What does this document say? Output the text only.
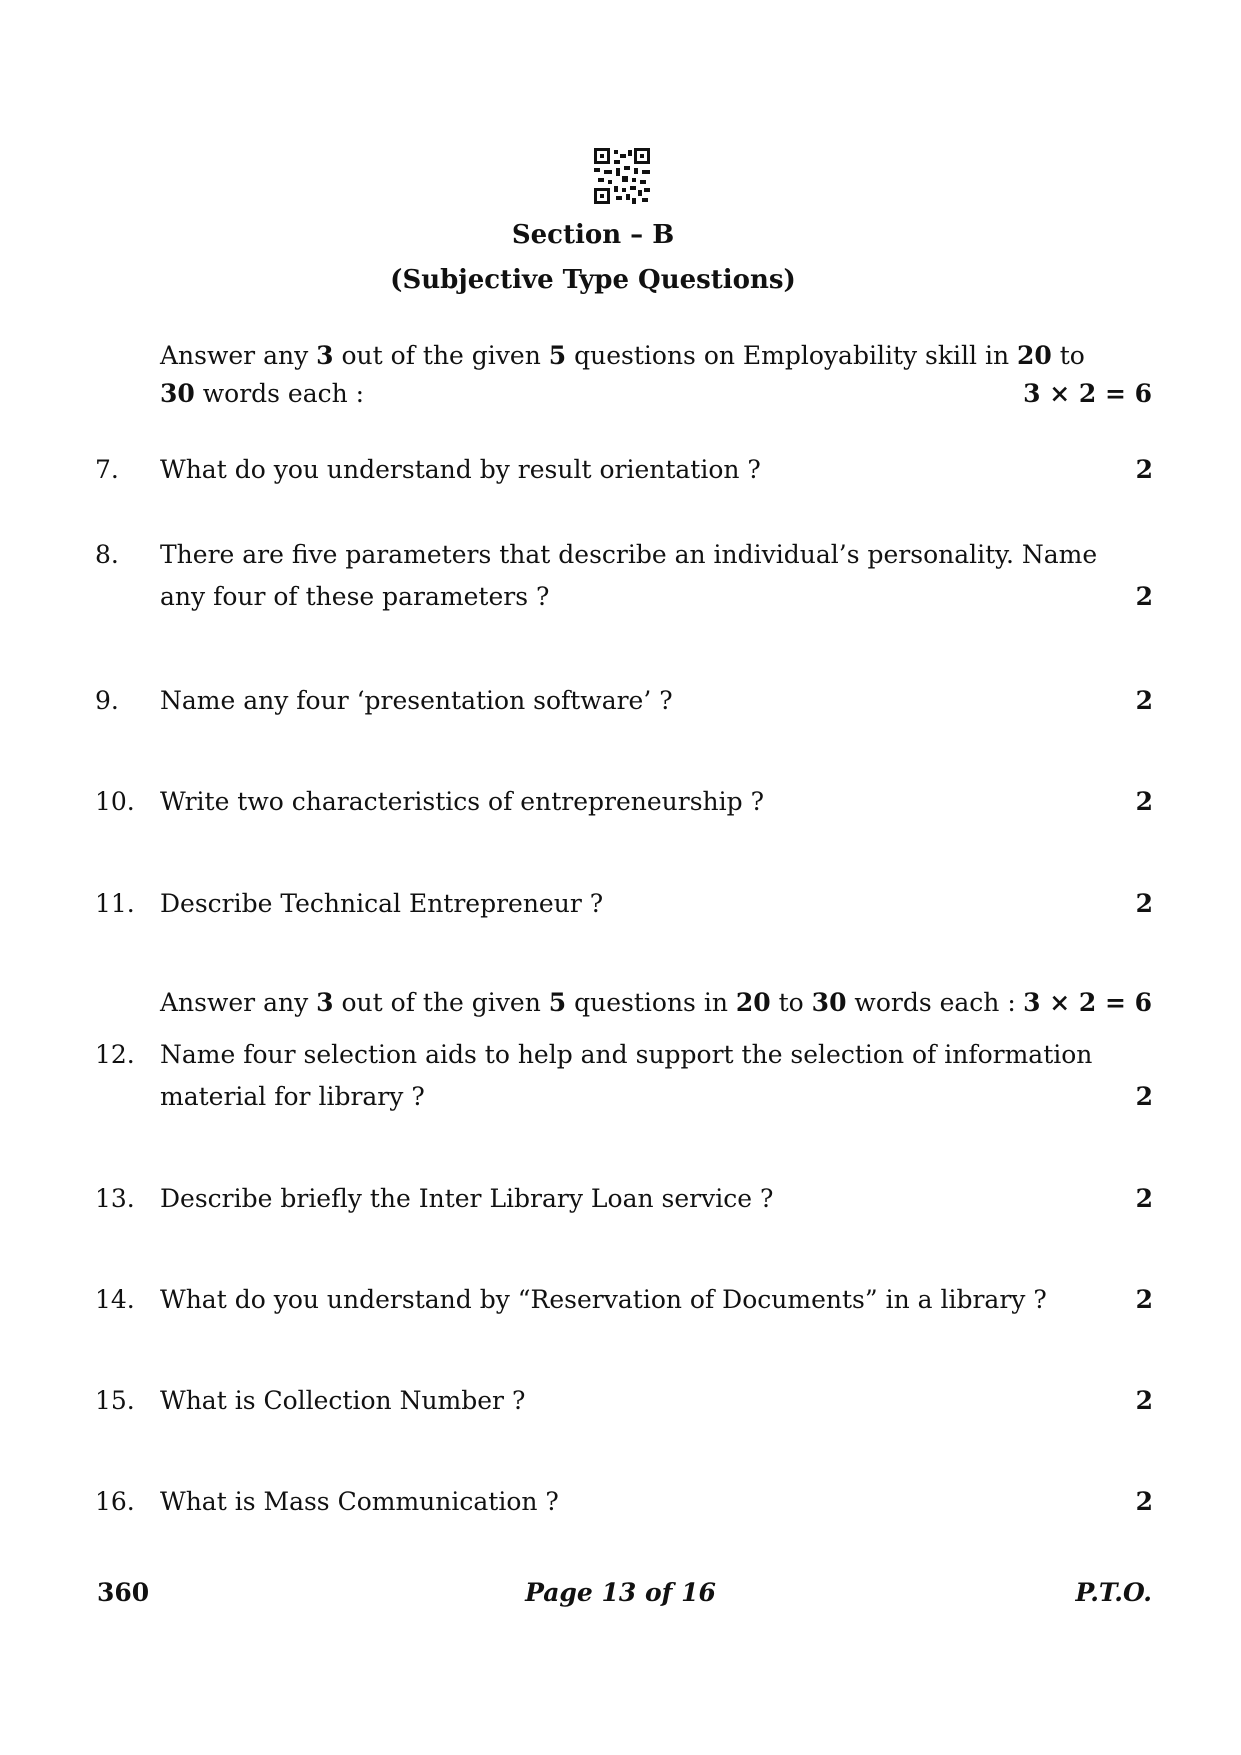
Section – B
(Subjective Type Questions)
Answer any 3 out of the given 5 questions on Employability skill in 20 to
30 words each :	3 × 2 = 6
7.	What do you understand by result orientation ?	2
8.	There are five parameters that describe an individual’s personality. Name any four of these parameters ?	2
9.	Name any four ‘presentation software’ ?	2
10.	Write two characteristics of entrepreneurship ?	2
11.	Describe Technical Entrepreneur ?	2
Answer any 3 out of the given 5 questions in 20 to 30 words each : 3 × 2 = 6
12.	Name four selection aids to help and support the selection of information material for library ?	2
13.	Describe briefly the Inter Library Loan service ?	2
14.	What do you understand by “Reservation of Documents” in a library ?	2
15.	What is Collection Number ?	2
16.	What is Mass Communication ?	2
360	Page 13 of 16	P.T.O.
